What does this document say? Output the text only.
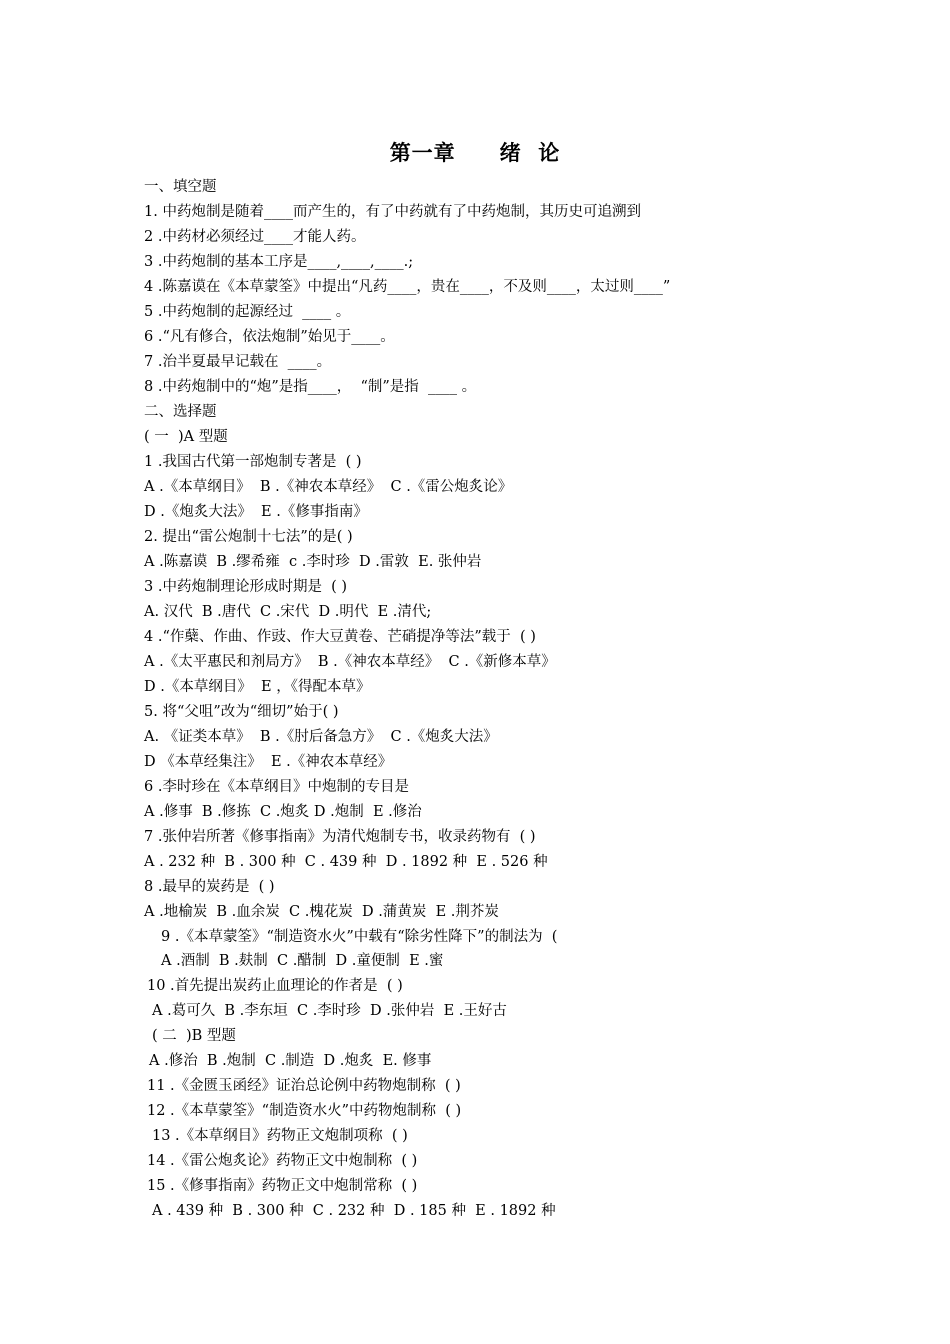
第一章　　绪  论
一、填空题
1. 中药炮制是随着____而产生的，有了中药就有了中药炮制，其历史可追溯到
2 .中药材必须经过____才能人药。
3 .中药炮制的基本工序是____,____,____.;
4 .陈嘉谟在《本草蒙筌》中提出“凡药____，贵在____，不及则____，太过则____”
5 .中药炮制的起源经过  ____ 。
6 .“凡有修合，依法炮制”始见于____。
7 .治半夏最早记载在  ____。
8 .中药炮制中的“炮”是指____，  “制”是指  ____ 。
二、选择题
( 一  )A 型题
1 .我国古代第一部炮制专著是  ( )
A .《本草纲目》  B .《神农本草经》  C .《雷公炮炙论》
D .《炮炙大法》  E .《修事指南》
2. 提出“雷公炮制十七法”的是( )
A .陈嘉谟  B .缪希雍  c .李时珍  D .雷敦  E. 张仲岩
3 .中药炮制理论形成时期是  ( )
A. 汉代  B .唐代  C .宋代  D .明代  E .清代;
4 .“作蘖、作曲、作豉、作大豆黄卷、芒硝提净等法”载于  ( )
A .《太平惠民和剂局方》  B .《神农本草经》  C .《新修本草》
D .《本草纲目》  E ，《得配本草》
5. 将“父咀”改为“细切”始于( )
A. 《证类本草》  B .《肘后备急方》  C .《炮炙大法》
D 《本草经集注》  E .《神农本草经》
6 .李时珍在《本草纲目》中炮制的专目是
A .修事  B .修拣  C .炮炙 D .炮制  E .修治
7 .张仲岩所著《修事指南》为清代炮制专书，收录药物有  ( )
A . 232 种  B . 300 种  C . 439 种  D . 1892 种  E . 526 种
8 .最早的炭药是  ( )
A .地榆炭  B .血余炭  C .槐花炭  D .蒲黄炭  E .荆芥炭
9 .《本草蒙筌》“制造资水火”中载有“除劣性降下”的制法为  (
A .酒制  B .麸制  C .醋制  D .童便制  E .蜜
10 .首先提出炭药止血理论的作者是  ( )
A .葛可久  B .李东垣  C .李时珍  D .张仲岩  E .王好古
( 二  )B 型题
A .修治  B .炮制  C .制造  D .炮炙  E. 修事
11 .《金匮玉函经》证治总论例中药物炮制称  ( )
12 .《本草蒙筌》“制造资水火”中药物炮制称  ( )
13 .《本草纲目》药物正文炮制项称  ( )
14 .《雷公炮炙论》药物正文中炮制称  ( )
15 .《修事指南》药物正文中炮制常称  ( )
A . 439 种  B . 300 种  C . 232 种  D . 185 种  E . 1892 种
